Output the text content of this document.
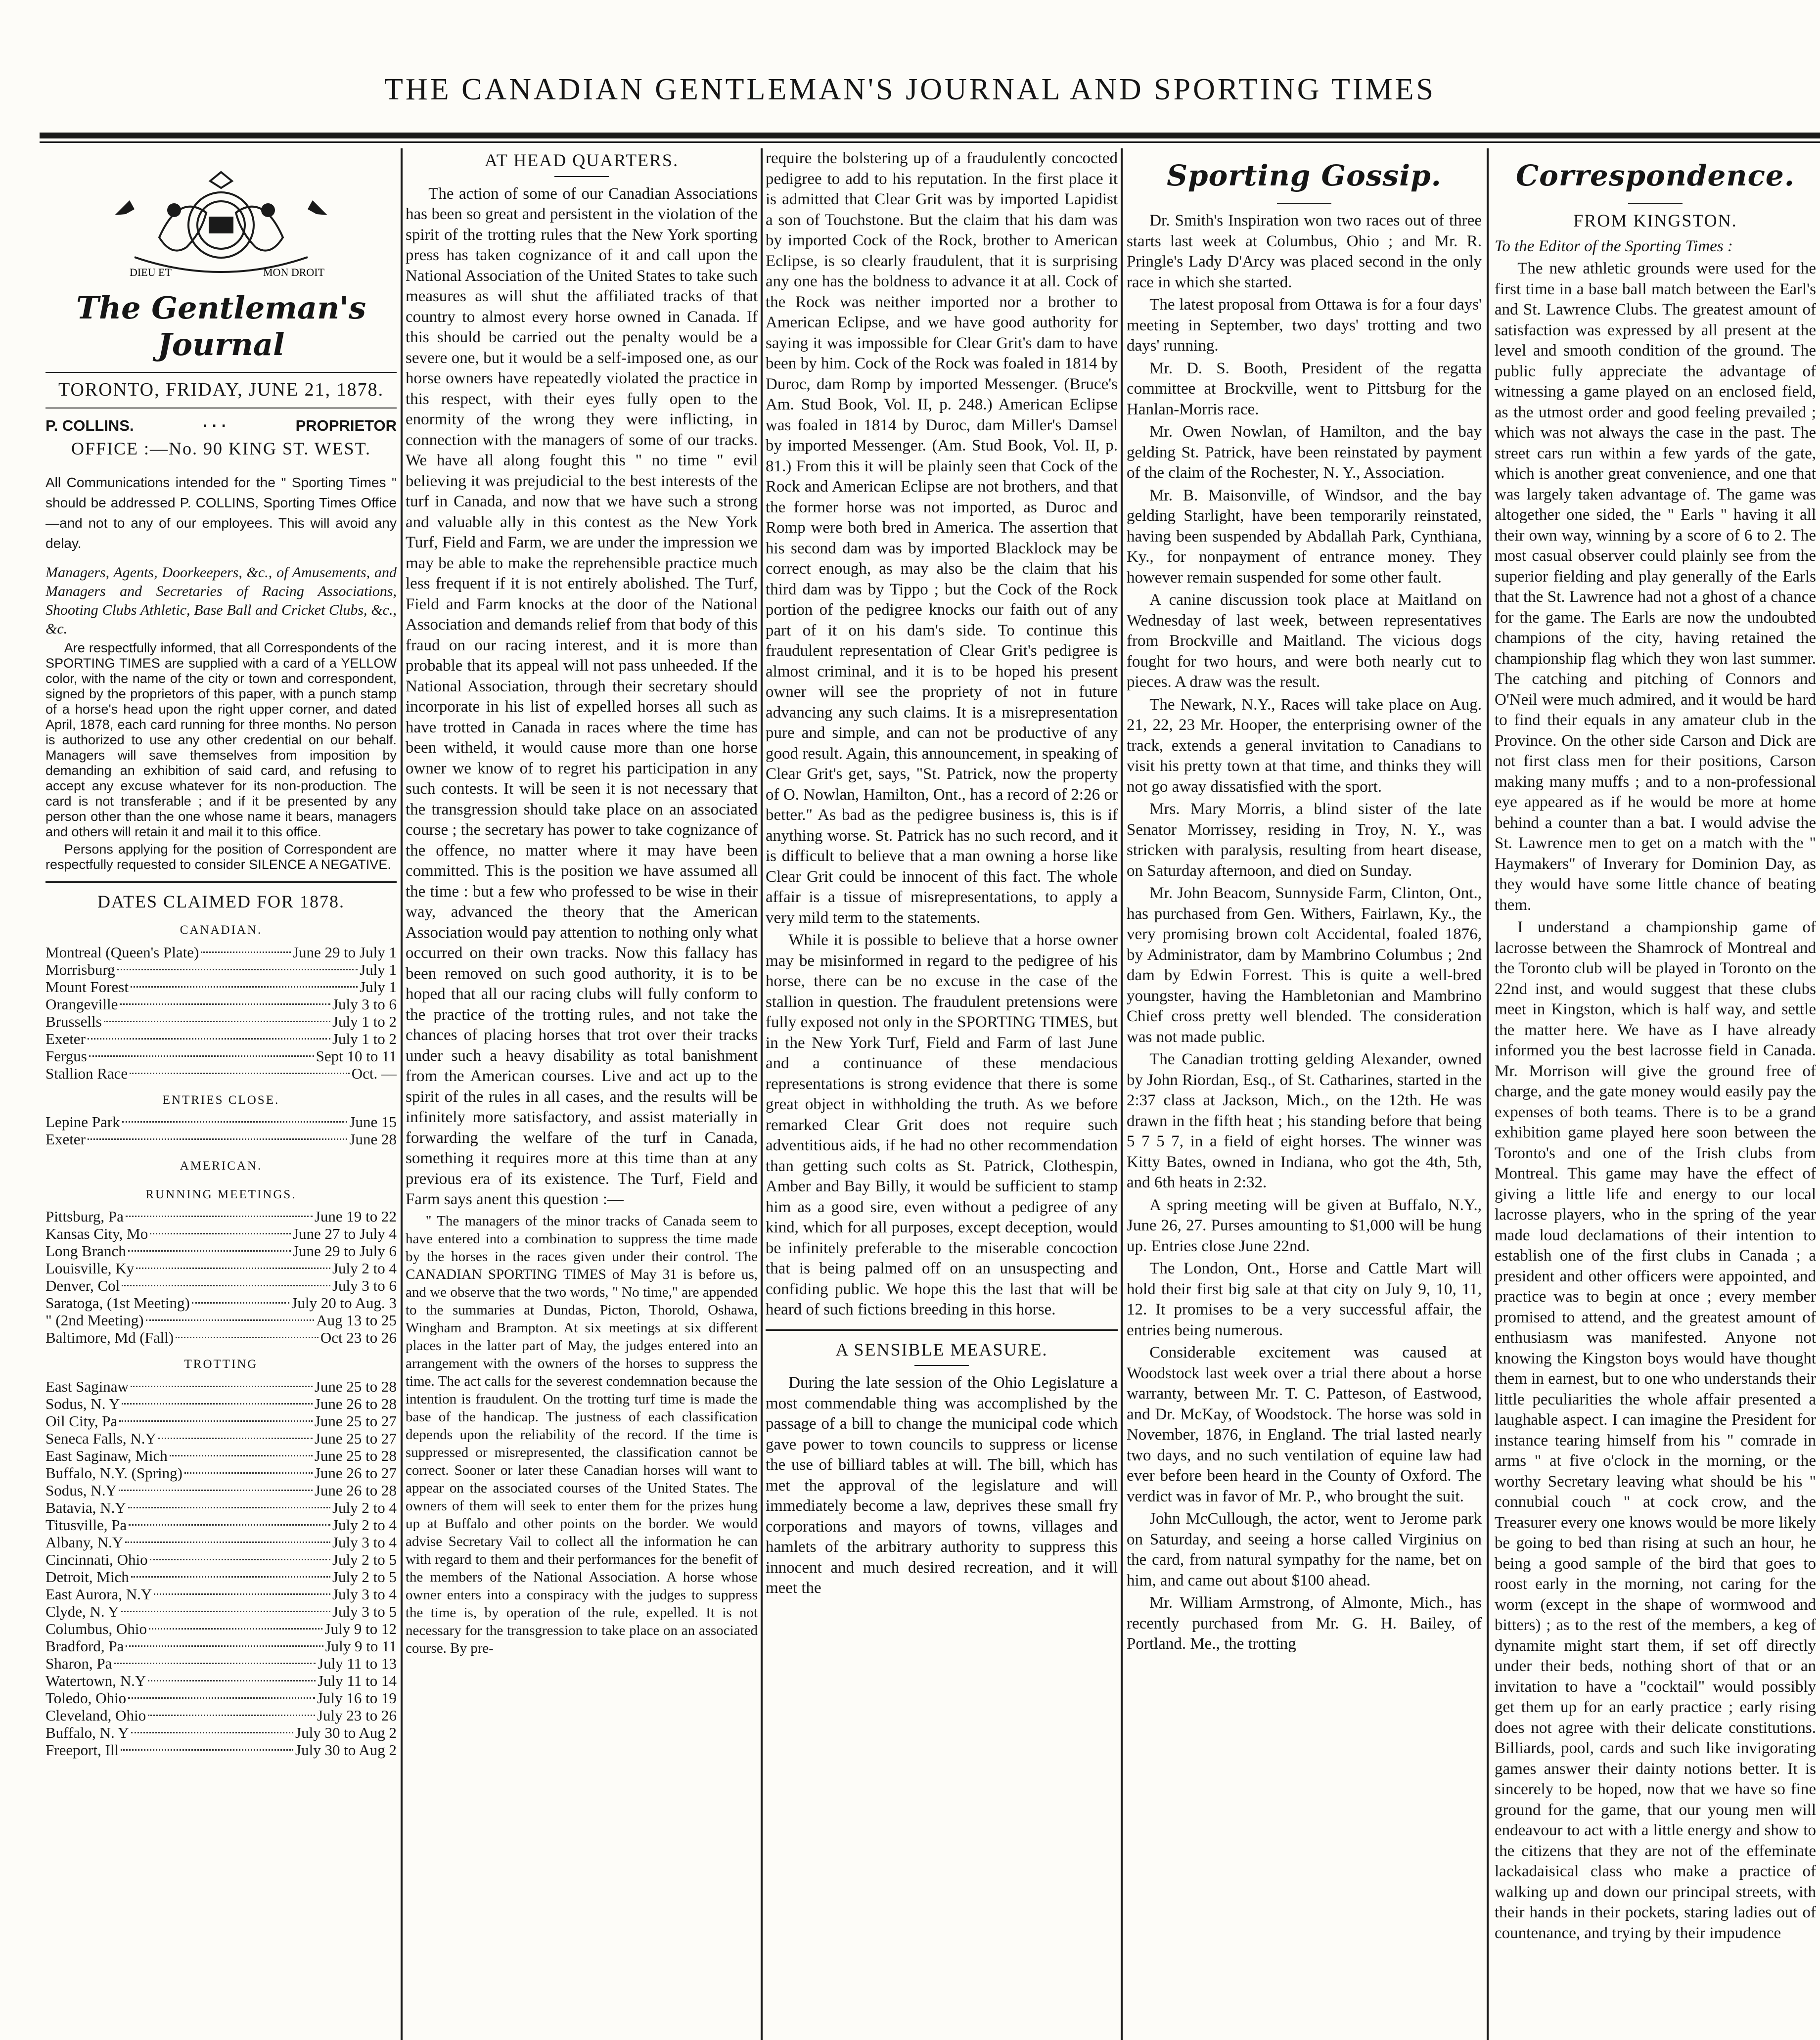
THE CANADIAN GENTLEMAN'S JOURNAL AND SPORTING TIMES
DIEU ET	MON DROIT
The Gentleman's Journal
TORONTO, FRIDAY, JUNE 21, 1878.
P. COLLINS.	· · ·	PROPRIETOR
OFFICE :—No. 90 KING ST. WEST.

All Communications intended for the " Sporting Times " should be addressed P. COLLINS, Sporting Times Office—and not to any of our employees. This will avoid any delay.

Managers, Agents, Doorkeepers, &c., of Amusements, and Managers and Secretaries of Racing Associations, Shooting Clubs Athletic, Base Ball and Cricket Clubs, &c., &c.

Are respectfully informed, that all Correspondents of the SPORTING TIMES are supplied with a card of a YELLOW color, with the name of the city or town and correspondent, signed by the proprietors of this paper, with a punch stamp of a horse's head upon the right upper corner, and dated April, 1878, each card running for three months. No person is authorized to use any other credential on our behalf. Managers will save themselves from imposition by demanding an exhibition of said card, and refusing to accept any excuse whatever for its non-production. The card is not transferable ; and if it be presented by any person other than the one whose name it bears, managers and others will retain it and mail it to this office.

Persons applying for the position of Correspondent are respectfully requested to consider SILENCE A NEGATIVE.

DATES CLAIMED FOR 1878.
CANADIAN.
Montreal (Queen's Plate)	June 29 to July 1
Morrisburg	July 1
Mount Forest	July 1
Orangeville	July 3 to 6
Brussells	July 1 to 2
Exeter	July 1 to 2
Fergus	Sept 10 to 11
Stallion Race	Oct. —
ENTRIES CLOSE.
Lepine Park	June 15
Exeter	June 28
AMERICAN.
RUNNING MEETINGS.
Pittsburg, Pa	June 19 to 22
Kansas City, Mo	June 27 to July 4
Long Branch	June 29 to July 6
Louisville, Ky	July 2 to 4
Denver, Col	July 3 to 6
Saratoga, (1st Meeting)	July 20 to Aug. 3
" (2nd Meeting)	Aug 13 to 25
Baltimore, Md (Fall)	Oct 23 to 26
TROTTING
East Saginaw	June 25 to 28
Sodus, N. Y	June 26 to 28
Oil City, Pa	June 25 to 27
Seneca Falls, N.Y	June 25 to 27
East Saginaw, Mich	June 25 to 28
Buffalo, N.Y. (Spring)	June 26 to 27
Sodus, N.Y	June 26 to 28
Batavia, N.Y	July 2 to 4
Titusville, Pa	July 2 to 4
Albany, N.Y	July 3 to 4
Cincinnati, Ohio	July 2 to 5
Detroit, Mich	July 2 to 5
East Aurora, N.Y	July 3 to 4
Clyde, N. Y	July 3 to 5
Columbus, Ohio	July 9 to 12
Bradford, Pa	July 9 to 11
Sharon, Pa	July 11 to 13
Watertown, N.Y	July 11 to 14
Toledo, Ohio	July 16 to 19
Cleveland, Ohio	July 23 to 26
Buffalo, N. Y	July 30 to Aug 2
Freeport, Ill	July 30 to Aug 2
AT HEAD QUARTERS.

The action of some of our Canadian Associations has been so great and persistent in the violation of the spirit of the trotting rules that the New York sporting press has taken cognizance of it and call upon the National Association of the United States to take such measures as will shut the affiliated tracks of that country to almost every horse owned in Canada. If this should be carried out the penalty would be a severe one, but it would be a self-imposed one, as our horse owners have repeatedly violated the practice in this respect, with their eyes fully open to the enormity of the wrong they were inflicting, in connection with the managers of some of our tracks. We have all along fought this " no time " evil believing it was prejudicial to the best interests of the turf in Canada, and now that we have such a strong and valuable ally in this contest as the New York Turf, Field and Farm, we are under the impression we may be able to make the reprehensible practice much less frequent if it is not entirely abolished. The Turf, Field and Farm knocks at the door of the National Association and demands relief from that body of this fraud on our racing interest, and it is more than probable that its appeal will not pass unheeded. If the National Association, through their secretary should incorporate in his list of expelled horses all such as have trotted in Canada in races where the time has been witheld, it would cause more than one horse owner we know of to regret his participation in any such contests. It will be seen it is not necessary that the transgression should take place on an associated course ; the secretary has power to take cognizance of the offence, no matter where it may have been committed. This is the position we have assumed all the time : but a few who professed to be wise in their way, advanced the theory that the American Association would pay attention to nothing only what occurred on their own tracks. Now this fallacy has been removed on such good authority, it is to be hoped that all our racing clubs will fully conform to the practice of the trotting rules, and not take the chances of placing horses that trot over their tracks under such a heavy disability as total banishment from the American courses. Live and act up to the spirit of the rules in all cases, and the results will be infinitely more satisfactory, and assist materially in forwarding the welfare of the turf in Canada, something it requires more at this time than at any previous era of its existence. The Turf, Field and Farm says anent this question :—

" The managers of the minor tracks of Canada seem to have entered into a combination to suppress the time made by the horses in the races given under their control. The CANADIAN SPORTING TIMES of May 31 is before us, and we observe that the two words, " No time," are appended to the summaries at Dundas, Picton, Thorold, Oshawa, Wingham and Brampton. At six meetings at six different places in the latter part of May, the judges entered into an arrangement with the owners of the horses to suppress the time. The act calls for the severest condemnation because the intention is fraudulent. On the trotting turf time is made the base of the handicap. The justness of each classification depends upon the reliability of the record. If the time is suppressed or misrepresented, the classification cannot be correct. Sooner or later these Canadian horses will want to appear on the associated courses of the United States. The owners of them will seek to enter them for the prizes hung up at Buffalo and other points on the border. We would advise Secretary Vail to collect all the information he can with regard to them and their performances for the benefit of the members of the National Association. A horse whose owner enters into a conspiracy with the judges to suppress the time is, by operation of the rule, expelled. It is not necessary for the transgression to take place on an associated course. By pre-

require the bolstering up of a fraudulently concocted pedigree to add to his reputation. In the first place it is admitted that Clear Grit was by imported Lapidist a son of Touchstone. But the claim that his dam was by imported Cock of the Rock, brother to American Eclipse, is so clearly fraudulent, that it is surprising any one has the boldness to advance it at all. Cock of the Rock was neither imported nor a brother to American Eclipse, and we have good authority for saying it was impossible for Clear Grit's dam to have been by him. Cock of the Rock was foaled in 1814 by Duroc, dam Romp by imported Messenger. (Bruce's Am. Stud Book, Vol. II, p. 248.) American Eclipse was foaled in 1814 by Duroc, dam Miller's Damsel by imported Messenger. (Am. Stud Book, Vol. II, p. 81.) From this it will be plainly seen that Cock of the Rock and American Eclipse are not brothers, and that the former horse was not imported, as Duroc and Romp were both bred in America. The assertion that his second dam was by imported Blacklock may be correct enough, as may also be the claim that his third dam was by Tippo ; but the Cock of the Rock portion of the pedigree knocks our faith out of any part of it on his dam's side. To continue this fraudulent representation of Clear Grit's pedigree is almost criminal, and it is to be hoped his present owner will see the propriety of not in future advancing any such claims. It is a misrepresentation pure and simple, and can not be productive of any good result. Again, this announcement, in speaking of Clear Grit's get, says, "St. Patrick, now the property of O. Nowlan, Hamilton, Ont., has a record of 2:26 or better." As bad as the pedigree business is, this is if anything worse. St. Patrick has no such record, and it is difficult to believe that a man owning a horse like Clear Grit could be innocent of this fact. The whole affair is a tissue of misrepresentations, to apply a very mild term to the statements.

While it is possible to believe that a horse owner may be misinformed in regard to the pedigree of his horse, there can be no excuse in the case of the stallion in question. The fraudulent pretensions were fully exposed not only in the SPORTING TIMES, but in the New York Turf, Field and Farm of last June and a continuance of these mendacious representations is strong evidence that there is some great object in withholding the truth. As we before remarked Clear Grit does not require such adventitious aids, if he had no other recommendation than getting such colts as St. Patrick, Clothespin, Amber and Bay Billy, it would be sufficient to stamp him as a good sire, even without a pedigree of any kind, which for all purposes, except deception, would be infinitely preferable to the miserable concoction that is being palmed off on an unsuspecting and confiding public. We hope this the last that will be heard of such fictions breeding in this horse.

A SENSIBLE MEASURE.

During the late session of the Ohio Legislature a most commendable thing was accomplished by the passage of a bill to change the municipal code which gave power to town councils to suppress or license the use of billiard tables at will. The bill, which has met the approval of the legislature and will immediately become a law, deprives these small fry corporations and mayors of towns, villages and hamlets of the arbitrary authority to suppress this innocent and much desired recreation, and it will meet the

Sporting Gossip.

Dr. Smith's Inspiration won two races out of three starts last week at Columbus, Ohio ; and Mr. R. Pringle's Lady D'Arcy was placed second in the only race in which she started.

The latest proposal from Ottawa is for a four days' meeting in September, two days' trotting and two days' running.

Mr. D. S. Booth, President of the regatta committee at Brockville, went to Pittsburg for the Hanlan-Morris race.

Mr. Owen Nowlan, of Hamilton, and the bay gelding St. Patrick, have been reinstated by payment of the claim of the Rochester, N. Y., Association.

Mr. B. Maisonville, of Windsor, and the bay gelding Starlight, have been temporarily reinstated, having been suspended by Abdallah Park, Cynthiana, Ky., for nonpayment of entrance money. They however remain suspended for some other fault.

A canine discussion took place at Maitland on Wednesday of last week, between representatives from Brockville and Maitland. The vicious dogs fought for two hours, and were both nearly cut to pieces. A draw was the result.

The Newark, N.Y., Races will take place on Aug. 21, 22, 23 Mr. Hooper, the enterprising owner of the track, extends a general invitation to Canadians to visit his pretty town at that time, and thinks they will not go away dissatisfied with the sport.

Mrs. Mary Morris, a blind sister of the late Senator Morrissey, residing in Troy, N. Y., was stricken with paralysis, resulting from heart disease, on Saturday afternoon, and died on Sunday.

Mr. John Beacom, Sunnyside Farm, Clinton, Ont., has purchased from Gen. Withers, Fairlawn, Ky., the very promising brown colt Accidental, foaled 1876, by Administrator, dam by Mambrino Columbus ; 2nd dam by Edwin Forrest. This is quite a well-bred youngster, having the Hambletonian and Mambrino Chief cross pretty well blended. The consideration was not made public.

The Canadian trotting gelding Alexander, owned by John Riordan, Esq., of St. Catharines, started in the 2:37 class at Jackson, Mich., on the 12th. He was drawn in the fifth heat ; his standing before that being 5 7 5 7, in a field of eight horses. The winner was Kitty Bates, owned in Indiana, who got the 4th, 5th, and 6th heats in 2:32.

A spring meeting will be given at Buffalo, N.Y., June 26, 27. Purses amounting to $1,000 will be hung up. Entries close June 22nd.

The London, Ont., Horse and Cattle Mart will hold their first big sale at that city on July 9, 10, 11, 12. It promises to be a very successful affair, the entries being numerous.

Considerable excitement was caused at Woodstock last week over a trial there about a horse warranty, between Mr. T. C. Patteson, of Eastwood, and Dr. McKay, of Woodstock. The horse was sold in November, 1876, in England. The trial lasted nearly two days, and no such ventilation of equine law had ever before been heard in the County of Oxford. The verdict was in favor of Mr. P., who brought the suit.

John McCullough, the actor, went to Jerome park on Saturday, and seeing a horse called Virginius on the card, from natural sympathy for the name, bet on him, and came out about $100 ahead.

Mr. William Armstrong, of Almonte, Mich., has recently purchased from Mr. G. H. Bailey, of Portland. Me., the trotting

Correspondence.
FROM KINGSTON.

To the Editor of the Sporting Times :

The new athletic grounds were used for the first time in a base ball match between the Earl's and St. Lawrence Clubs. The greatest amount of satisfaction was expressed by all present at the level and smooth condition of the ground. The public fully appreciate the advantage of witnessing a game played on an enclosed field, as the utmost order and good feeling prevailed ; which was not always the case in the past. The street cars run within a few yards of the gate, which is another great convenience, and one that was largely taken advantage of. The game was altogether one sided, the " Earls " having it all their own way, winning by a score of 6 to 2. The most casual observer could plainly see from the superior fielding and play generally of the Earls that the St. Lawrence had not a ghost of a chance for the game. The Earls are now the undoubted champions of the city, having retained the championship flag which they won last summer. The catching and pitching of Connors and O'Neil were much admired, and it would be hard to find their equals in any amateur club in the Province. On the other side Carson and Dick are not first class men for their positions, Carson making many muffs ; and to a non-professional eye appeared as if he would be more at home behind a counter than a bat. I would advise the St. Lawrence men to get on a match with the " Haymakers" of Inverary for Dominion Day, as they would have some little chance of beating them.

I understand a championship game of lacrosse between the Shamrock of Montreal and the Toronto club will be played in Toronto on the 22nd inst, and would suggest that these clubs meet in Kingston, which is half way, and settle the matter here. We have as I have already informed you the best lacrosse field in Canada. Mr. Morrison will give the ground free of charge, and the gate money would easily pay the expenses of both teams. There is to be a grand exhibition game played here soon between the Toronto's and one of the Irish clubs from Montreal. This game may have the effect of giving a little life and energy to our local lacrosse players, who in the spring of the year made loud declamations of their intention to establish one of the first clubs in Canada ; a president and other officers were appointed, and practice was to begin at once ; every member promised to attend, and the greatest amount of enthusiasm was manifested. Anyone not knowing the Kingston boys would have thought them in earnest, but to one who understands their little peculiarities the whole affair presented a laughable aspect. I can imagine the President for instance tearing himself from his " comrade in arms " at five o'clock in the morning, or the worthy Secretary leaving what should be his " connubial couch " at cock crow, and the Treasurer every one knows would be more likely be going to bed than rising at such an hour, he being a good sample of the bird that goes to roost early in the morning, not caring for the worm (except in the shape of wormwood and bitters) ; as to the rest of the members, a keg of dynamite might start them, if set off directly under their beds, nothing short of that or an invitation to have a "cocktail" would possibly get them up for an early practice ; early rising does not agree with their delicate constitutions. Billiards, pool, cards and such like invigorating games answer their dainty notions better. It is sincerely to be hoped, now that we have so fine ground for the game, that our young men will endeavour to act with a little energy and show to the citizens that they are not of the effeminate lackadaisical class who make a practice of walking up and down our principal streets, with their hands in their pockets, staring ladies out of countenance, and trying by their impudence
